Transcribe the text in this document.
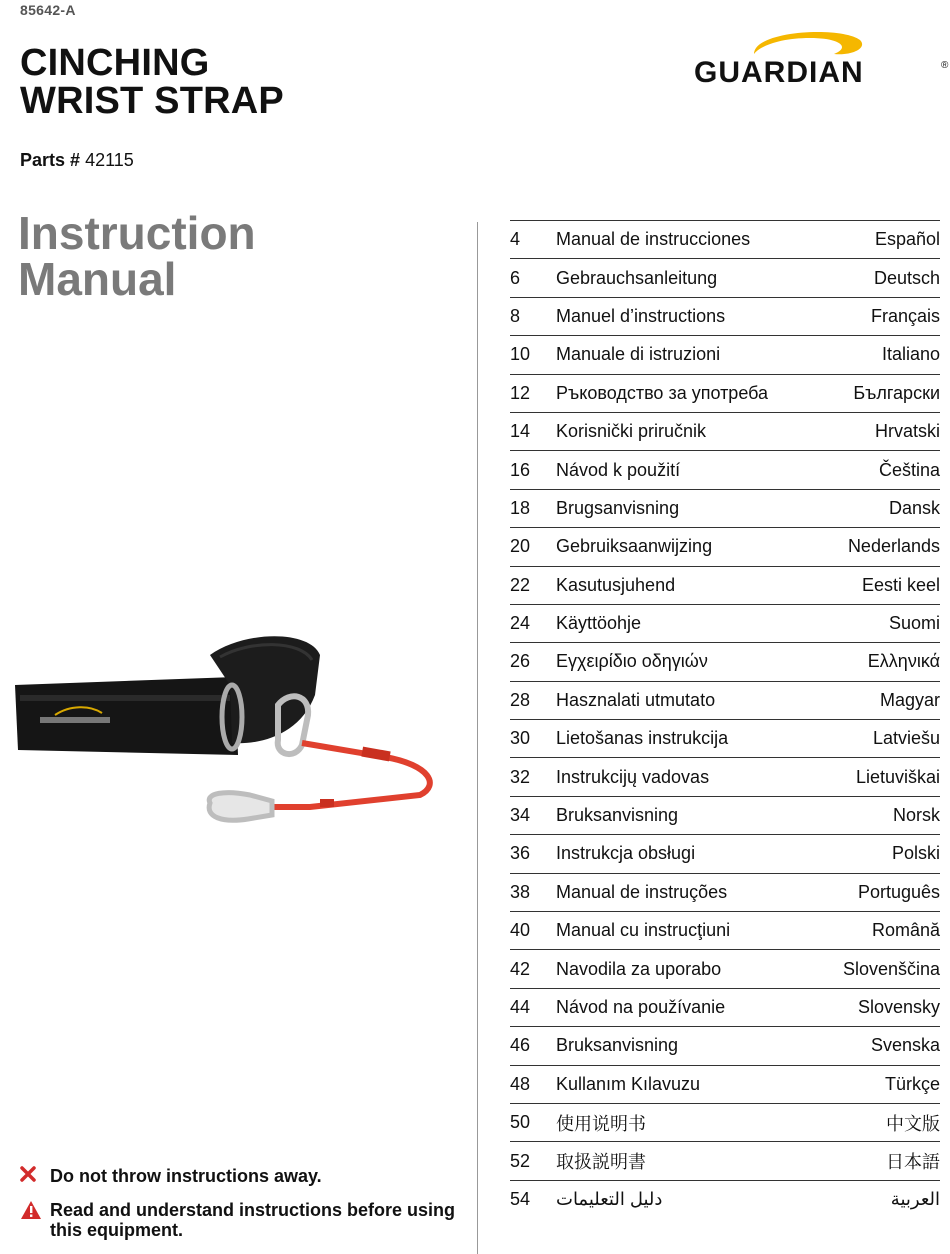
85642-A
CINCHING
WRIST STRAP
GUARDIAN	®
Parts # 42115
Instruction
Manual
4	Manual de instrucciones	Español
6	Gebrauchsanleitung	Deutsch
8	Manuel d’instructions	Français
10	Manuale di istruzioni	Italiano
12	Ръководство за употреба	Български
14	Korisnički priručnik	Hrvatski
16	Návod k použití	Čeština
18	Brugsanvisning	Dansk
20	Gebruiksaanwijzing	Nederlands
22	Kasutusjuhend	Eesti keel
24	Käyttöohje	Suomi
26	Εγχειρίδιο οδηγιών	Ελληνικά
28	Hasznalati utmutato	Magyar
30	Lietošanas instrukcija	Latviešu
32	Instrukcijų vadovas	Lietuviškai
34	Bruksanvisning	Norsk
36	Instrukcja obsługi	Polski
38	Manual de instruções	Português
40	Manual cu instrucţiuni	Română
42	Navodila za uporabo	Slovenščina
44	Návod na používanie	Slovensky
46	Bruksanvisning	Svenska
48	Kullanım Kılavuzu	Türkçe
50	使用说明书	中文版
52	取扱説明書	日本語
54	دليل التعليمات	العربية
Do not throw instructions away.
Read and understand instructions before using this equipment.
